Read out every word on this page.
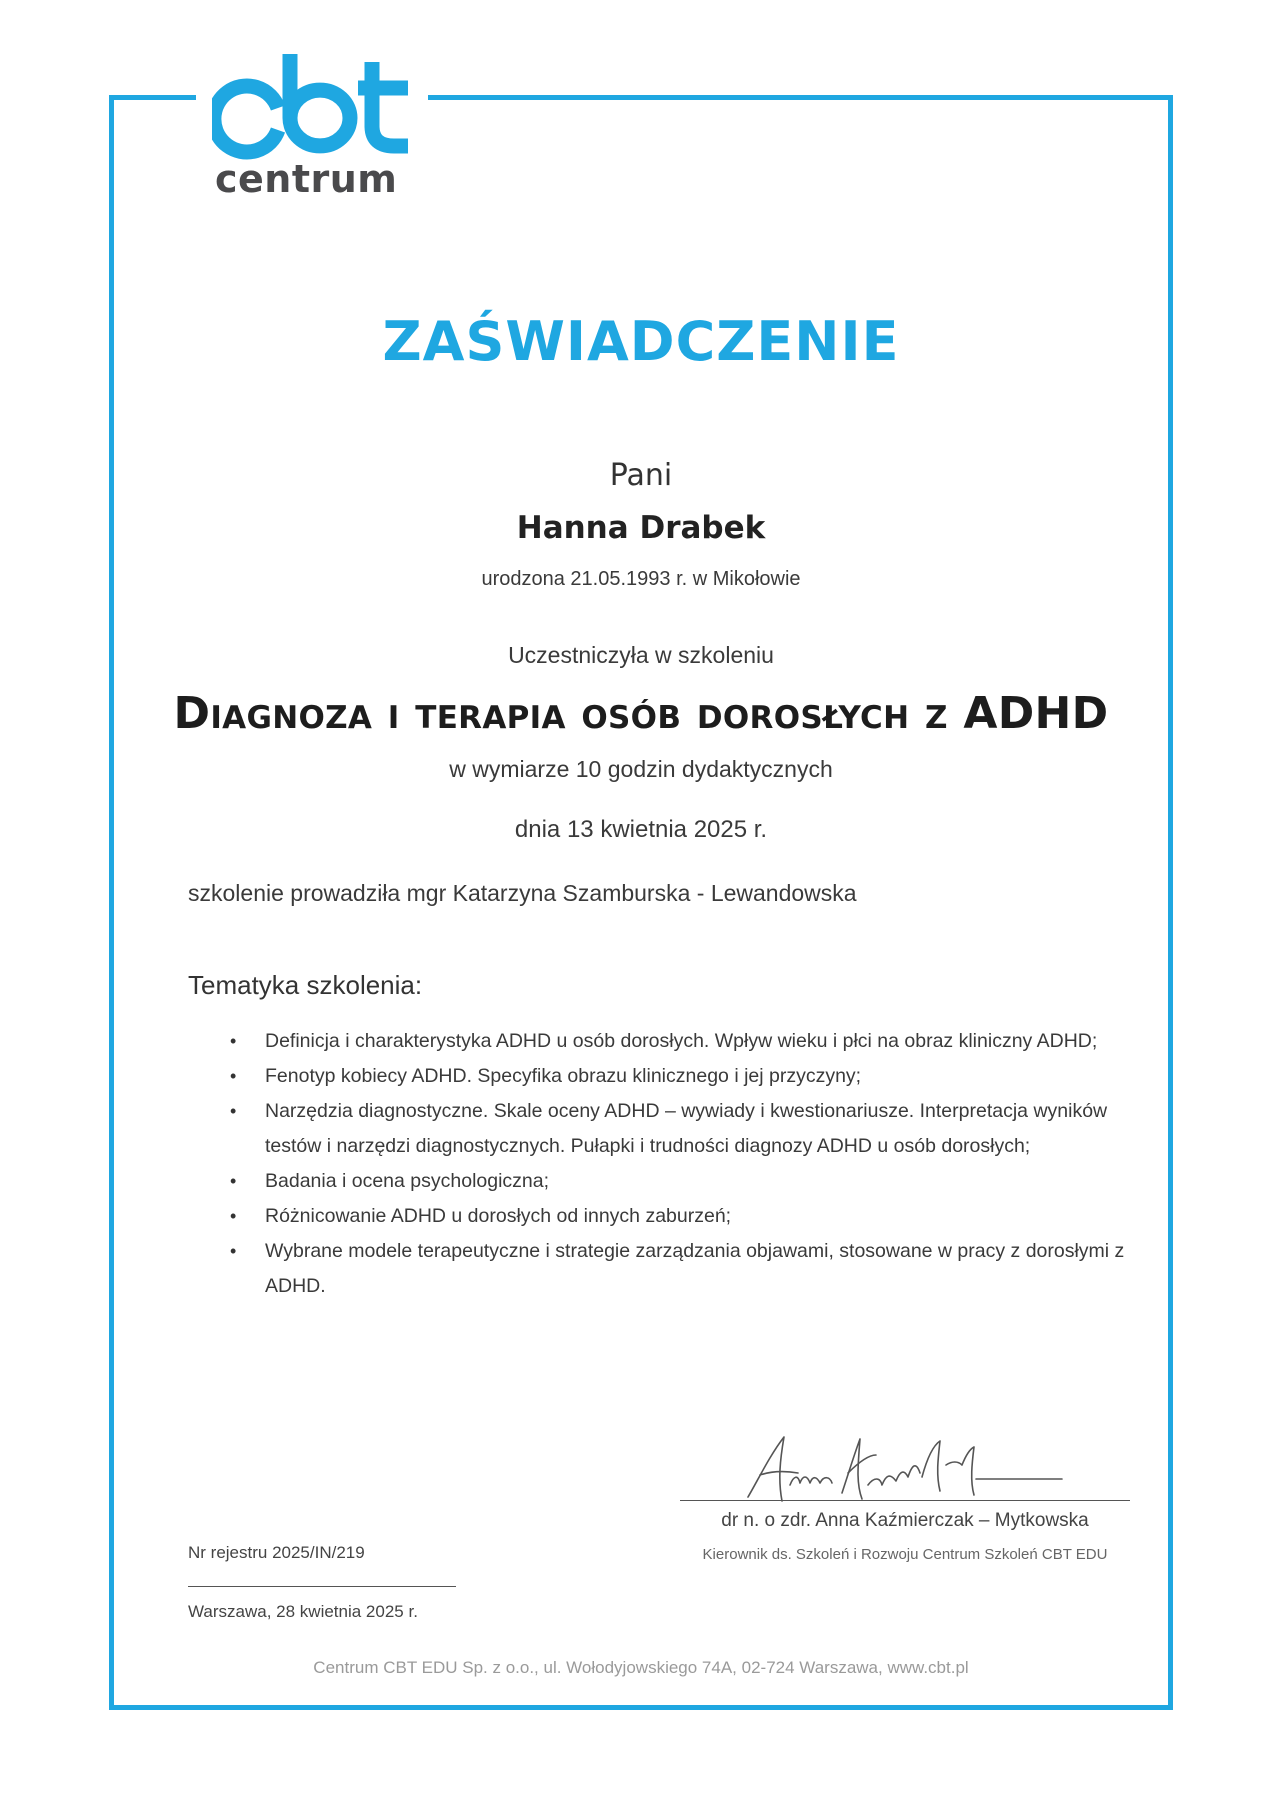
centrum
ZAŚWIADCZENIE
Pani
Hanna Drabek
urodzona 21.05.1993 r. w Mikołowie
Uczestniczyła w szkoleniu
Diagnoza i terapia osób dorosłych z ADHD
w wymiarze 10 godzin dydaktycznych
dnia 13 kwietnia 2025 r.
szkolenie prowadziła mgr Katarzyna Szamburska - Lewandowska
Tematyka szkolenia:
• Definicja i charakterystyka ADHD u osób dorosłych. Wpływ wieku i płci na obraz kliniczny ADHD;
• Fenotyp kobiecy ADHD. Specyfika obrazu klinicznego i jej przyczyny;
• Narzędzia diagnostyczne. Skale oceny ADHD – wywiady i kwestionariusze. Interpretacja wyników testów i narzędzi diagnostycznych. Pułapki i trudności diagnozy ADHD u osób dorosłych;
• Badania i ocena psychologiczna;
• Różnicowanie ADHD u dorosłych od innych zaburzeń;
• Wybrane modele terapeutyczne i strategie zarządzania objawami, stosowane w pracy z dorosłymi z ADHD.
dr n. o zdr. Anna Kaźmierczak – Mytkowska
Kierownik ds. Szkoleń i Rozwoju Centrum Szkoleń CBT EDU
Nr rejestru 2025/IN/219
Warszawa, 28 kwietnia 2025 r.
Centrum CBT EDU Sp. z o.o., ul. Wołodyjowskiego 74A, 02-724 Warszawa, www.cbt.pl
